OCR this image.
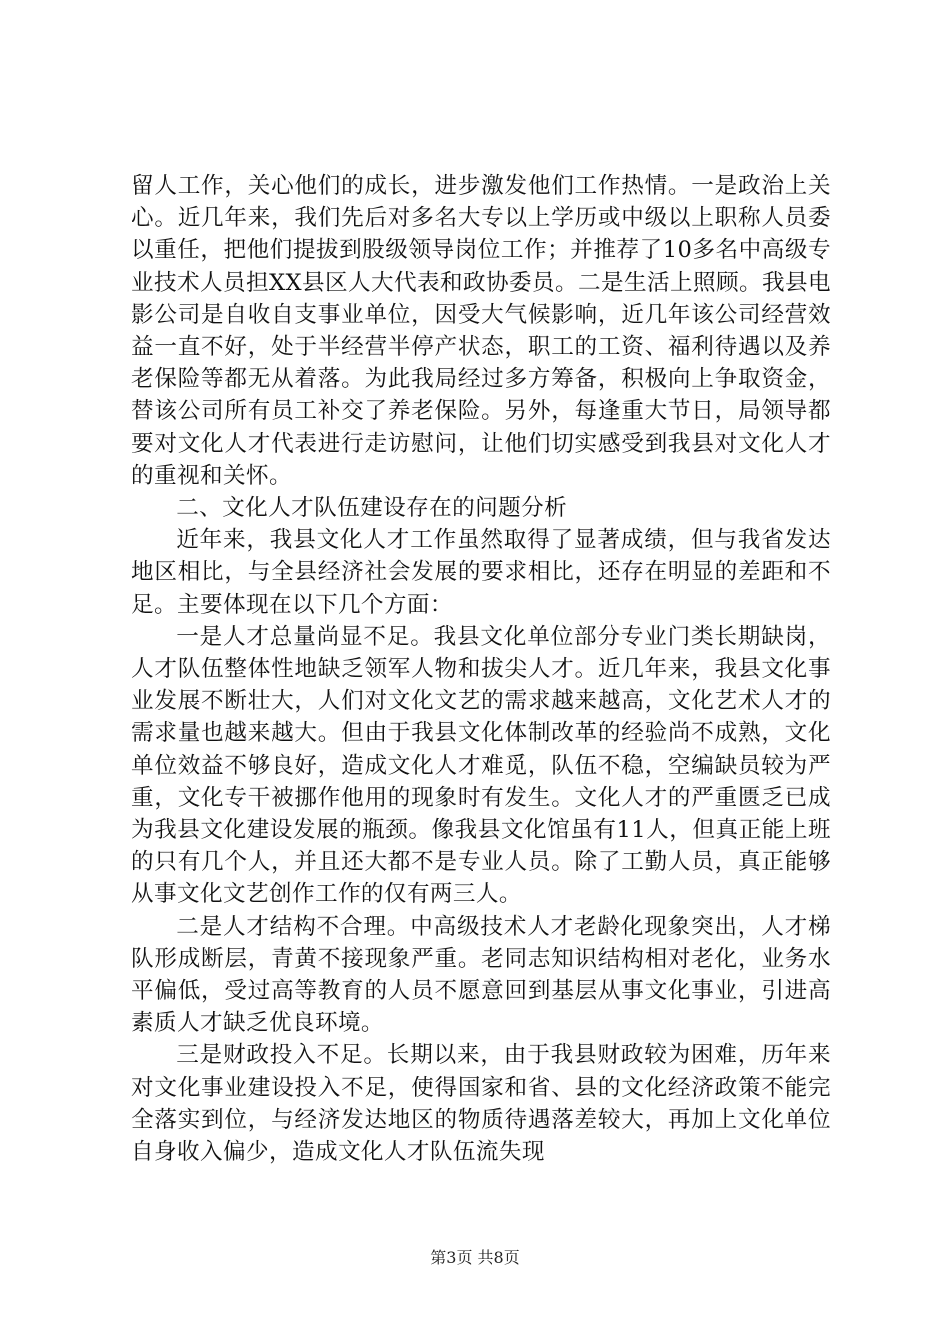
留人工作，关心他们的成长，进步激发他们工作热情。一是政治上关心。近几年来，我们先后对多名大专以上学历或中级以上职称人员委以重任，把他们提拔到股级领导岗位工作；并推荐了10多名中高级专业技术人员担XX县区人大代表和政协委员。二是生活上照顾。我县电影公司是自收自支事业单位，因受大气候影响，近几年该公司经营效益一直不好，处于半经营半停产状态，职工的工资、福利待遇以及养老保险等都无从着落。为此我局经过多方筹备，积极向上争取资金，替该公司所有员工补交了养老保险。另外，每逢重大节日，局领导都要对文化人才代表进行走访慰问，让他们切实感受到我县对文化人才的重视和关怀。

二、文化人才队伍建设存在的问题分析

近年来，我县文化人才工作虽然取得了显著成绩，但与我省发达地区相比，与全县经济社会发展的要求相比，还存在明显的差距和不足。主要体现在以下几个方面：

一是人才总量尚显不足。我县文化单位部分专业门类长期缺岗，人才队伍整体性地缺乏领军人物和拔尖人才。近几年来，我县文化事业发展不断壮大，人们对文化文艺的需求越来越高，文化艺术人才的需求量也越来越大。但由于我县文化体制改革的经验尚不成熟，文化单位效益不够良好，造成文化人才难觅，队伍不稳，空编缺员较为严重，文化专干被挪作他用的现象时有发生。文化人才的严重匮乏已成为我县文化建设发展的瓶颈。像我县文化馆虽有11人，但真正能上班的只有几个人，并且还大都不是专业人员。除了工勤人员，真正能够从事文化文艺创作工作的仅有两三人。

二是人才结构不合理。中高级技术人才老龄化现象突出，人才梯队形成断层，青黄不接现象严重。老同志知识结构相对老化，业务水平偏低，受过高等教育的人员不愿意回到基层从事文化事业，引进高素质人才缺乏优良环境。

三是财政投入不足。长期以来，由于我县财政较为困难，历年来对文化事业建设投入不足，使得国家和省、县的文化经济政策不能完全落实到位，与经济发达地区的物质待遇落差较大，再加上文化单位自身收入偏少，造成文化人才队伍流失现

第3页 共8页
